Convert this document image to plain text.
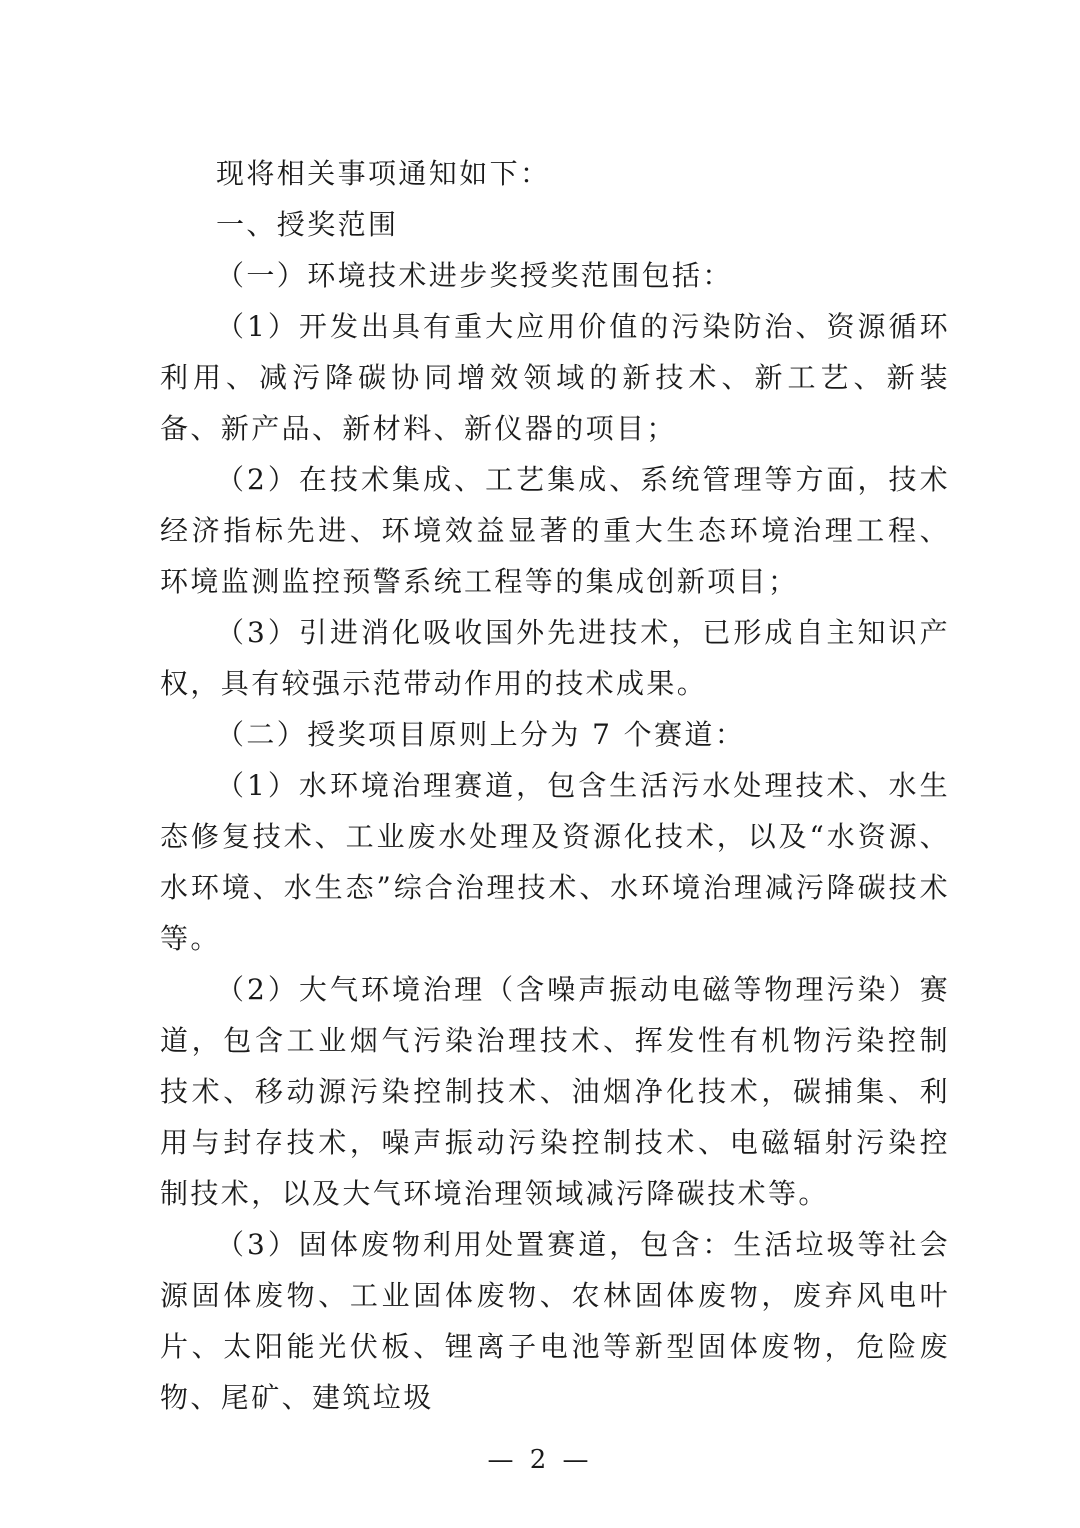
现将相关事项通知如下：

一、授奖范围

（一）环境技术进步奖授奖范围包括：

（1）开发出具有重大应用价值的污染防治、资源循环利用、减污降碳协同增效领域的新技术、新工艺、新装备、新产品、新材料、新仪器的项目；

（2）在技术集成、工艺集成、系统管理等方面，技术经济指标先进、环境效益显著的重大生态环境治理工程、环境监测监控预警系统工程等的集成创新项目；

（3）引进消化吸收国外先进技术，已形成自主知识产权，具有较强示范带动作用的技术成果。

（二）授奖项目原则上分为 7 个赛道：

（1）水环境治理赛道，包含生活污水处理技术、水生态修复技术、工业废水处理及资源化技术，以及“水资源、水环境、水生态”综合治理技术、水环境治理减污降碳技术等。

（2）大气环境治理（含噪声振动电磁等物理污染）赛道，包含工业烟气污染治理技术、挥发性有机物污染控制技术、移动源污染控制技术、油烟净化技术，碳捕集、利用与封存技术，噪声振动污染控制技术、电磁辐射污染控制技术，以及大气环境治理领域减污降碳技术等。

（3）固体废物利用处置赛道，包含：生活垃圾等社会源固体废物、工业固体废物、农林固体废物，废弃风电叶片、太阳能光伏板、锂离子电池等新型固体废物，危险废物、尾矿、建筑垃圾

— 2 —
